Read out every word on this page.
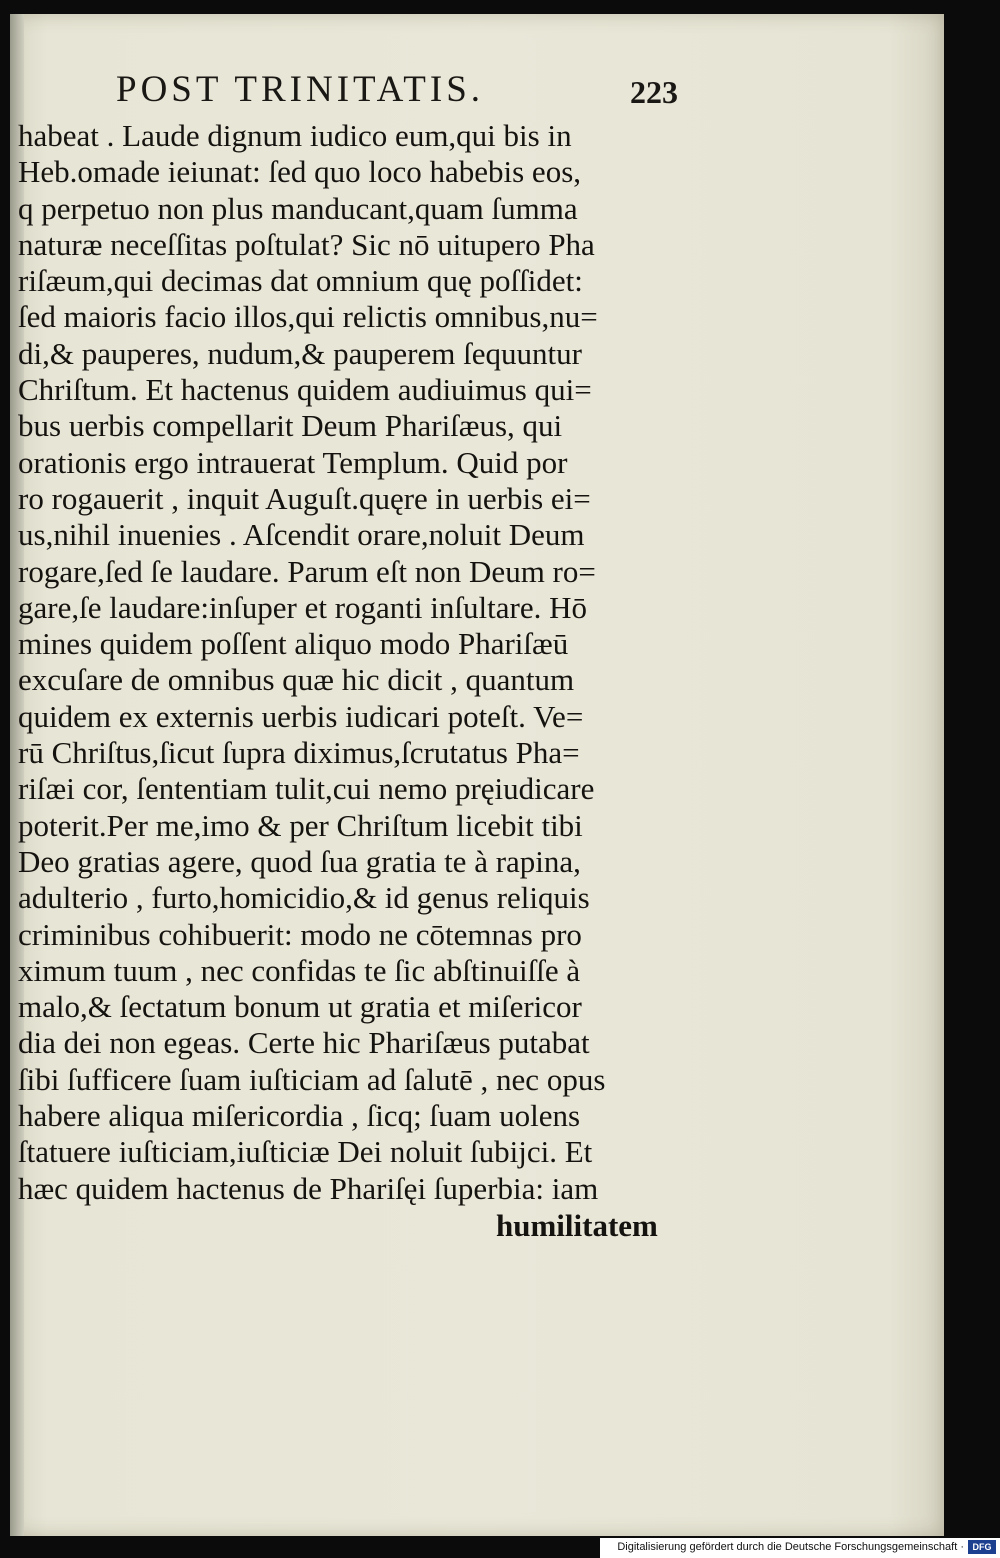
POST TRINITATIS.	223
habeat . Laude dignum iudico eum,qui bis in
Heb.omade ieiunat: ſed quo loco habebis eos,
q perpetuo non plus manducant,quam ſumma
naturæ neceſſitas poſtulat? Sic nō uitupero Pha
riſæum,qui decimas dat omnium quę poſſidet:
ſed maioris facio illos,qui relictis omnibus,nu=
di,& pauperes, nudum,& pauperem ſequuntur
Chriſtum. Et hactenus quidem audiuimus qui=
bus uerbis compellarit Deum Phariſæus, qui
orationis ergo intrauerat Templum. Quid por
ro rogauerit , inquit Auguſt.quęre in uerbis ei=
us,nihil inuenies . Aſcendit orare,noluit Deum
rogare,ſed ſe laudare. Parum eſt non Deum ro=
gare,ſe laudare:inſuper et roganti inſultare. Hō
mines quidem poſſent aliquo modo Phariſæū
excuſare de omnibus quæ hic dicit , quantum
quidem ex externis uerbis iudicari poteſt. Ve=
rū Chriſtus,ſicut ſupra diximus,ſcrutatus Pha=
riſæi cor, ſententiam tulit,cui nemo pręiudicare
poterit.Per me,imo & per Chriſtum licebit tibi
Deo gratias agere, quod ſua gratia te à rapina,
adulterio , furto,homicidio,& id genus reliquis
criminibus cohibuerit: modo ne cōtemnas pro
ximum tuum , nec confidas te ſic abſtinuiſſe à
malo,& ſectatum bonum ut gratia et miſericor
dia dei non egeas. Certe hic Phariſæus putabat
ſibi ſufficere ſuam iuſticiam ad ſalutē , nec opus
habere aliqua miſericordia , ſicq; ſuam uolens
ſtatuere iuſticiam,iuſticiæ Dei noluit ſubijci. Et
hæc quidem hactenus de Phariſęi ſuperbia: iam
humilitatem
Digitalisierung gefördert durch die Deutsche Forschungsgemeinschaft · DFG
